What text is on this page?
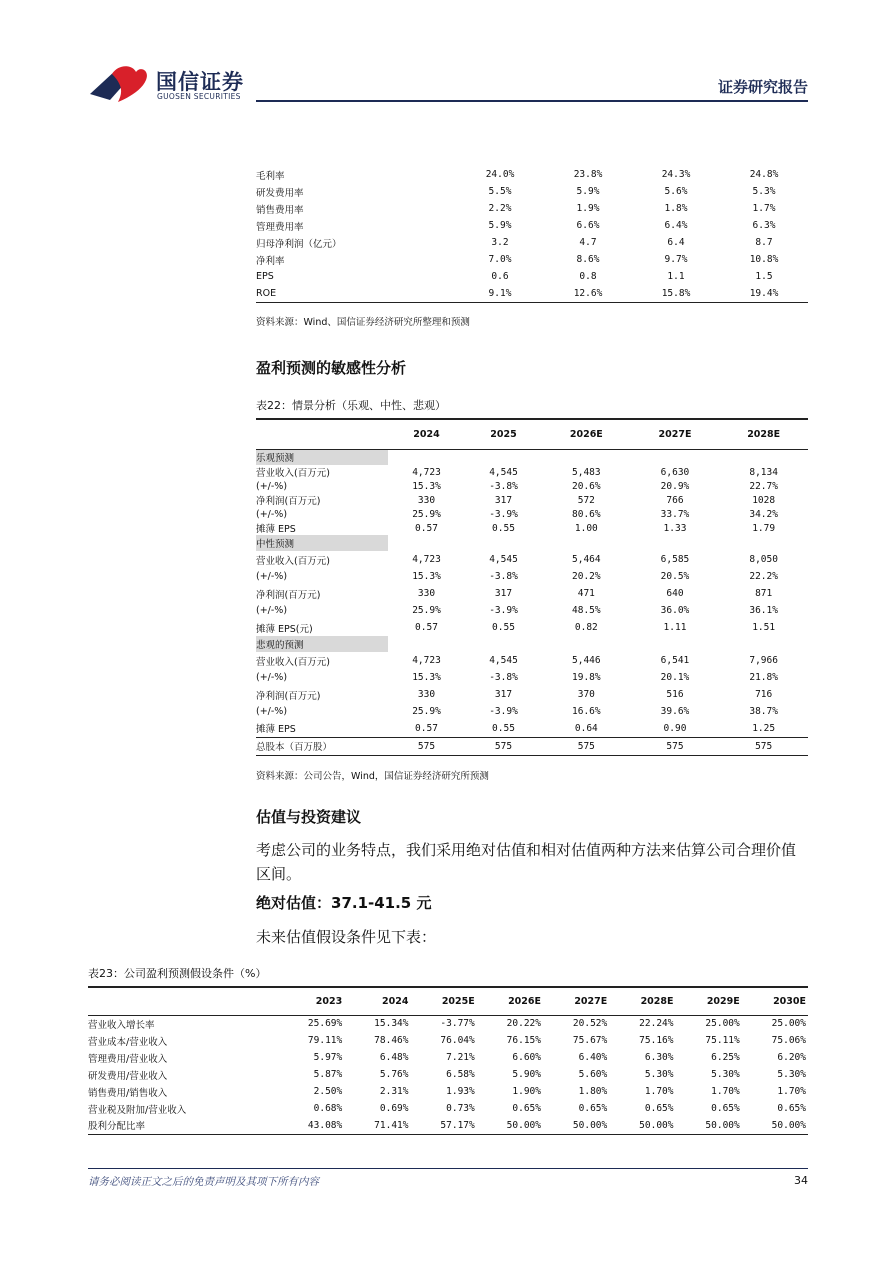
国信证券
GUOSEN SECURITIES
证券研究报告
毛利率	24.0%	23.8%	24.3%	24.8%
研发费用率	5.5%	5.9%	5.6%	5.3%
销售费用率	2.2%	1.9%	1.8%	1.7%
管理费用率	5.9%	6.6%	6.4%	6.3%
归母净利润（亿元）	3.2	4.7	6.4	8.7
净利率	7.0%	8.6%	9.7%	10.8%
EPS	0.6	0.8	1.1	1.5
ROE	9.1%	12.6%	15.8%	19.4%
资料来源：Wind、国信证券经济研究所整理和预测
盈利预测的敏感性分析
表22：情景分析（乐观、中性、悲观）
	2024	2025	2026E	2027E	2028E
乐观预测					
营业收入(百万元)	4,723	4,545	5,483	6,630	8,134
(+/-%)	15.3%	-3.8%	20.6%	20.9%	22.7%
净利润(百万元)	330	317	572	766	1028
(+/-%)	25.9%	-3.9%	80.6%	33.7%	34.2%
摊薄 EPS	0.57	0.55	1.00	1.33	1.79
中性预测					
营业收入(百万元)	4,723	4,545	5,464	6,585	8,050
(+/-%)	15.3%	-3.8%	20.2%	20.5%	22.2%
净利润(百万元)	330	317	471	640	871
(+/-%)	25.9%	-3.9%	48.5%	36.0%	36.1%
摊薄 EPS(元)	0.57	0.55	0.82	1.11	1.51
悲观的预测					
营业收入(百万元)	4,723	4,545	5,446	6,541	7,966
(+/-%)	15.3%	-3.8%	19.8%	20.1%	21.8%
净利润(百万元)	330	317	370	516	716
(+/-%)	25.9%	-3.9%	16.6%	39.6%	38.7%
摊薄 EPS	0.57	0.55	0.64	0.90	1.25
总股本（百万股）	575	575	575	575	575
资料来源：公司公告，Wind，国信证券经济研究所预测
估值与投资建议
考虑公司的业务特点，我们采用绝对估值和相对估值两种方法来估算公司合理价值区间。
绝对估值：37.1-41.5 元
未来估值假设条件见下表：
表23：公司盈利预测假设条件（%）
	2023	2024	2025E	2026E	2027E	2028E	2029E	2030E
营业收入增长率	25.69%	15.34%	-3.77%	20.22%	20.52%	22.24%	25.00%	25.00%
营业成本/营业收入	79.11%	78.46%	76.04%	76.15%	75.67%	75.16%	75.11%	75.06%
管理费用/营业收入	5.97%	6.48%	7.21%	6.60%	6.40%	6.30%	6.25%	6.20%
研发费用/营业收入	5.87%	5.76%	6.58%	5.90%	5.60%	5.30%	5.30%	5.30%
销售费用/销售收入	2.50%	2.31%	1.93%	1.90%	1.80%	1.70%	1.70%	1.70%
营业税及附加/营业收入	0.68%	0.69%	0.73%	0.65%	0.65%	0.65%	0.65%	0.65%
股利分配比率	43.08%	71.41%	57.17%	50.00%	50.00%	50.00%	50.00%	50.00%
请务必阅读正文之后的免责声明及其项下所有内容	34
